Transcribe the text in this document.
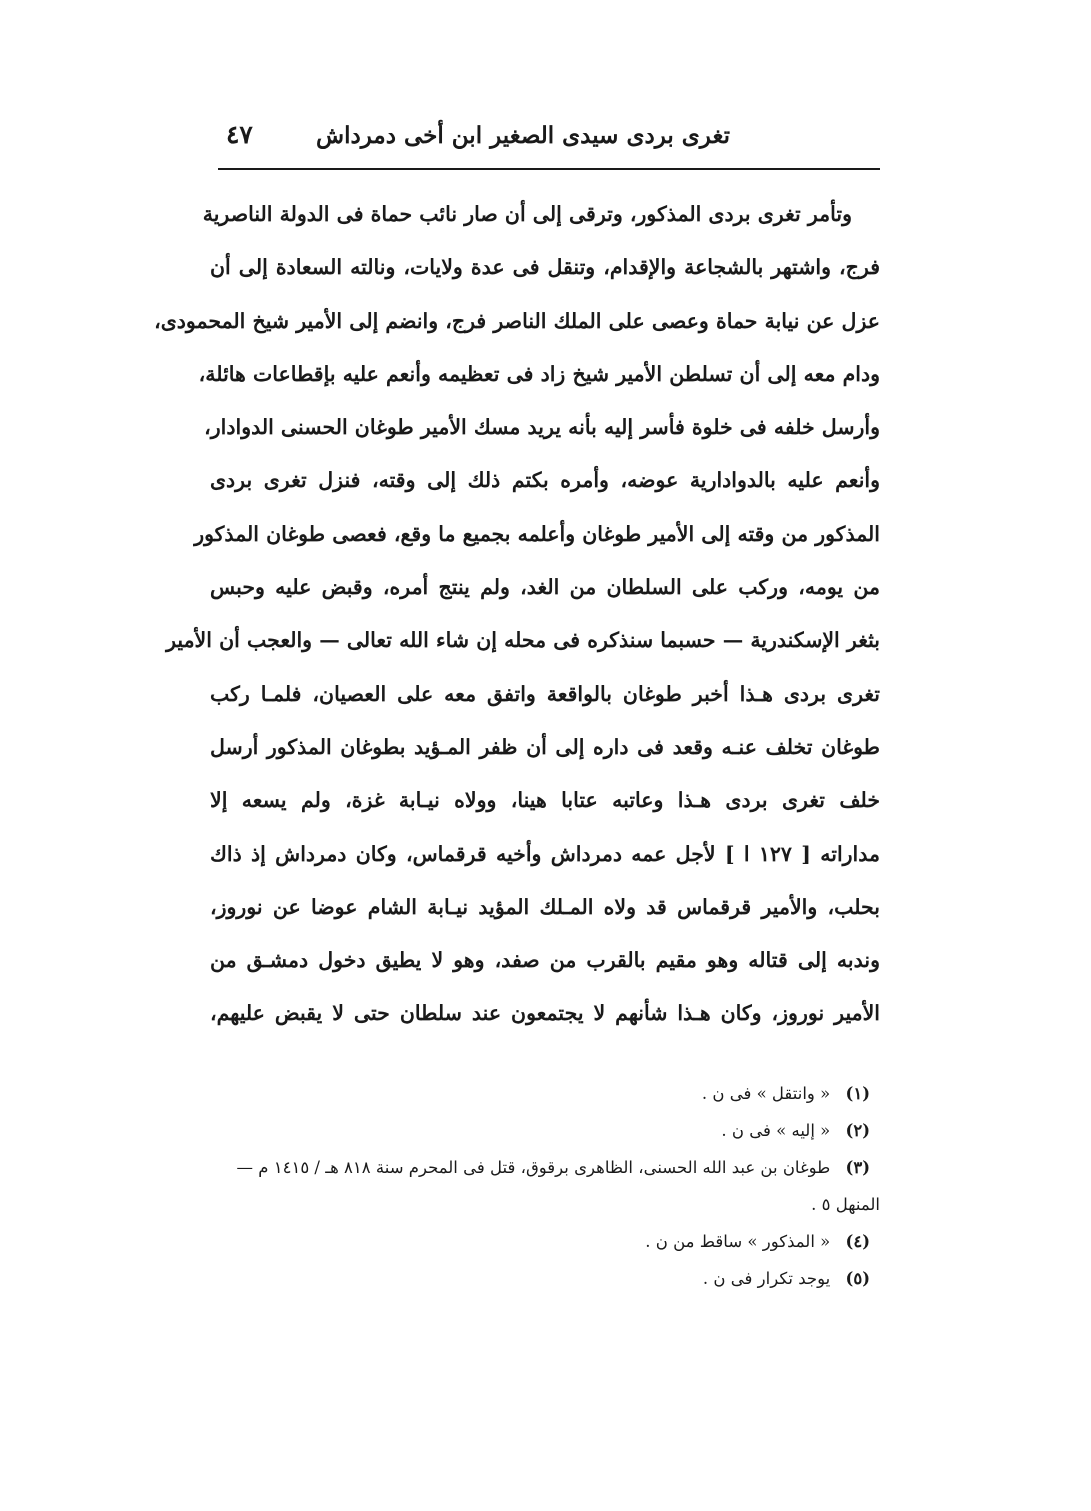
تغرى بردى سيدى الصغير ابن أخى دمرداش
٤٧
وتأمر تغرى بردى المذكور، وترقى إلى أن صار نائب حماة فى الدولة الناصرية
فرج، واشتهر بالشجاعة والإقدام، وتنقل فى عدة ولايات، ونالته السعادة إلى أن
عزل عن نيابة حماة وعصى على الملك الناصر فرج، وانضم إلى الأمير شيخ المحمودى،
ودام معه إلى أن تسلطن الأمير شيخ زاد فى تعظيمه وأنعم عليه بإقطاعات هائلة،
وأرسل خلفه فى خلوة فأسر إليه بأنه يريد مسك الأمير طوغان الحسنى الدوادار،
وأنعم عليه بالدوادارية عوضه، وأمره بكتم ذلك إلى وقته، فنزل تغرى بردى
المذكور من وقته إلى الأمير طوغان وأعلمه بجميع ما وقع، فعصى طوغان المذكور
من يومه، وركب على السلطان من الغد، ولم ينتج أمره، وقبض عليه وحبس
بثغر الإسكندرية — حسبما سنذكره فى محله إن شاء الله تعالى — والعجب أن الأمير
تغرى بردى هـذا أخبر طوغان بالواقعة واتفق معه على العصيان، فلمـا ركب
طوغان تخلف عنـه وقعد فى داره إلى أن ظفر المـؤيد بطوغان المذكور أرسل
خلف تغرى بردى هـذا وعاتبه عتابا هينا، وولاه نيـابة غزة، ولم يسعه إلا
مداراته [ ١٢٧ ا ] لأجل عمه دمرداش وأخيه قرقماس، وكان دمرداش إذ ذاك
بحلب، والأمير قرقماس قد ولاه المـلك المؤيد نيـابة الشام عوضا عن نوروز،
وندبه إلى قتاله وهو مقيم بالقرب من صفد، وهو لا يطيق دخول دمشـق من
الأمير نوروز، وكان هـذا شأنهم لا يجتمعون عند سلطان حتى لا يقبض عليهم،
(١) « وانتقل » فى ن .
(٢) « إليه » فى ن .
(٣) طوغان بن عبد الله الحسنى، الظاهرى برقوق، قتل فى المحرم سنة ٨١٨ هـ / ١٤١٥ م —
المنهل ٥ .
(٤) « المذكور » ساقط من ن .
(٥) يوجد تكرار فى ن .
